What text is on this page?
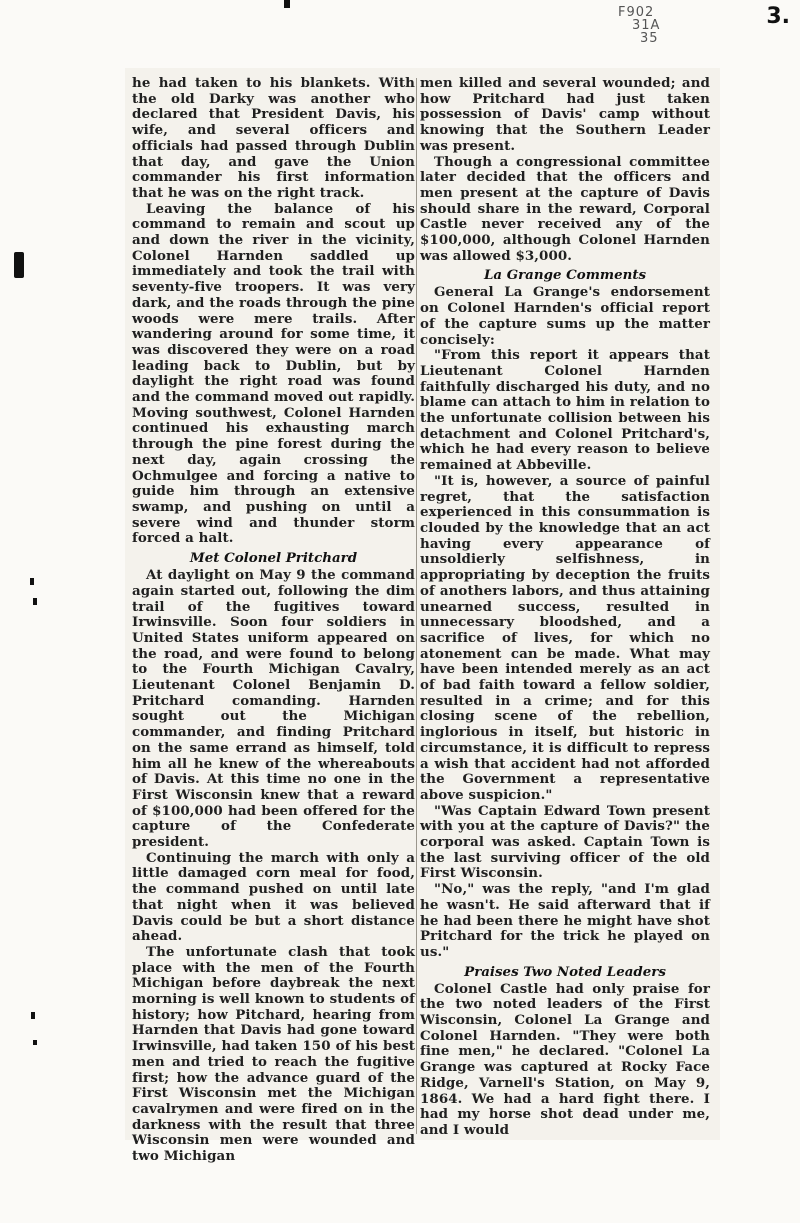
F902
31A
35
3.

he had taken to his blankets. With the old Darky was another who declared that President Davis, his wife, and several officers and officials had passed through Dublin that day, and gave the Union commander his first information that he was on the right track.

Leaving the balance of his command to remain and scout up and down the river in the vicinity, Colonel Harnden saddled up immediately and took the trail with seventy-five troopers. It was very dark, and the roads through the pine woods were mere trails. After wandering around for some time, it was discovered they were on a road leading back to Dublin, but by daylight the right road was found and the command moved out rapidly. Moving southwest, Colonel Harnden continued his exhausting march through the pine forest during the next day, again crossing the Ochmulgee and forcing a native to guide him through an extensive swamp, and pushing on until a severe wind and thunder storm forced a halt.

Met Colonel Pritchard

At daylight on May 9 the command again started out, following the dim trail of the fugitives toward Irwinsville. Soon four soldiers in United States uniform appeared on the road, and were found to belong to the Fourth Michigan Cavalry, Lieutenant Colonel Benjamin D. Pritchard comanding. Harnden sought out the Michigan commander, and finding Pritchard on the same errand as himself, told him all he knew of the whereabouts of Davis. At this time no one in the First Wisconsin knew that a reward of $100,000 had been offered for the capture of the Confederate president.

Continuing the march with only a little damaged corn meal for food, the command pushed on until late that night when it was believed Davis could be but a short distance ahead.

The unfortunate clash that took place with the men of the Fourth Michigan before daybreak the next morning is well known to students of history; how Pitchard, hearing from Harnden that Davis had gone toward Irwinsville, had taken 150 of his best men and tried to reach the fugitive first; how the advance guard of the First Wisconsin met the Michigan cavalrymen and were fired on in the darkness with the result that three Wisconsin men were wounded and two Michigan

men killed and several wounded; and how Pritchard had just taken possession of Davis' camp without knowing that the Southern Leader was present.

Though a congressional committee later decided that the officers and men present at the capture of Davis should share in the reward, Corporal Castle never received any of the $100,000, although Colonel Harnden was allowed $3,000.

La Grange Comments

General La Grange's endorsement on Colonel Harnden's official report of the capture sums up the matter concisely:

"From this report it appears that Lieutenant Colonel Harnden faithfully discharged his duty, and no blame can attach to him in relation to the unfortunate collision between his detachment and Colonel Pritchard's, which he had every reason to believe remained at Abbeville.

"It is, however, a source of painful regret, that the satisfaction experienced in this consummation is clouded by the knowledge that an act having every appearance of unsoldierly selfishness, in appropriating by deception the fruits of anothers labors, and thus attaining unearned success, resulted in unnecessary bloodshed, and a sacrifice of lives, for which no atonement can be made. What may have been intended merely as an act of bad faith toward a fellow soldier, resulted in a crime; and for this closing scene of the rebellion, inglorious in itself, but historic in circumstance, it is difficult to repress a wish that accident had not afforded the Government a representative above suspicion."

"Was Captain Edward Town present with you at the capture of Davis?" the corporal was asked. Captain Town is the last surviving officer of the old First Wisconsin.

"No," was the reply, "and I'm glad he wasn't. He said afterward that if he had been there he might have shot Pritchard for the trick he played on us."

Praises Two Noted Leaders

Colonel Castle had only praise for the two noted leaders of the First Wisconsin, Colonel La Grange and Colonel Harnden. "They were both fine men," he declared. "Colonel La Grange was captured at Rocky Face Ridge, Varnell's Station, on May 9, 1864. We had a hard fight there. I had my horse shot dead under me, and I would
